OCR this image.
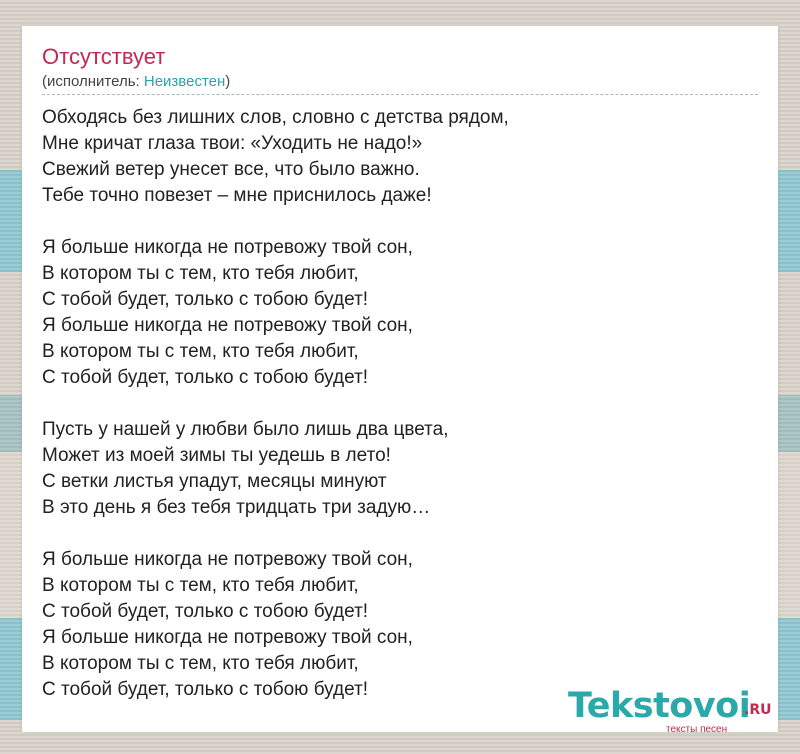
Отсутствует
(исполнитель: Неизвестен)
Обходясь без лишних слов, словно с детства рядом,
Мне кричат глаза твои: «Уходить не надо!»
Свежий ветер унесет все, что было важно.
Тебе точно повезет – мне приснилось даже!
Я больше никогда не потревожу твой сон,
В котором ты с тем, кто тебя любит,
С тобой будет, только с тобою будет!
Я больше никогда не потревожу твой сон,
В котором ты с тем, кто тебя любит,
С тобой будет, только с тобою будет!
Пусть у нашей у любви было лишь два цвета,
Может из моей зимы ты уедешь в лето!
С ветки листья упадут, месяцы минуют
В это день я без тебя тридцать три задую…
Я больше никогда не потревожу твой сон,
В котором ты с тем, кто тебя любит,
С тобой будет, только с тобою будет!
Я больше никогда не потревожу твой сон,
В котором ты с тем, кто тебя любит,
С тобой будет, только с тобою будет!	Tekstovoi
.RU
тексты песен
